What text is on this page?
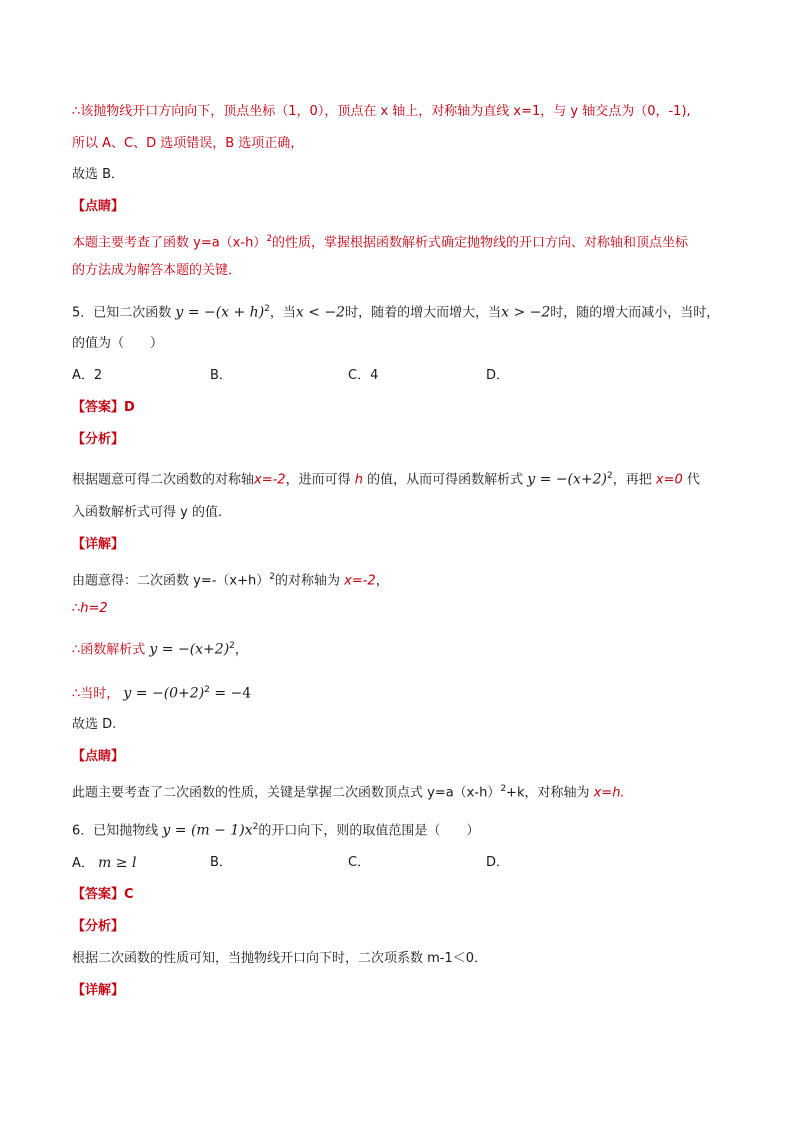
∴该抛物线开口方向向下，顶点坐标（1，0），顶点在 x 轴上，对称轴为直线 x=1，与 y 轴交点为（0，-1),
所以 A、C、D 选项错误，B 选项正确，
故选 B．
【点睛】
本题主要考查了函数 $y=a(x-h)^2$的性质，掌握根据函数解析式确定抛物线的开口方向、对称轴和顶点坐标
的方法成为解答本题的关键．
5．已知二次函数 $y = -(x + h)^2$，当x < −2时，随着的增大而增大，当x > −2时，随的增大而减小，当时，
的值为（　　）
A．2	B．	C．4	D．
【答案】D
【分析】
根据题意可得二次函数的对称轴x=-2，进而可得 h 的值，从而可得函数解析式 $y = -(x+2)^2$，再把 x=0 代
入函数解析式可得 y 的值．
【详解】
由题意得：二次函数 $y=-(x+h)^2$的对称轴为 x=-2，
∴h=2
∴函数解析式 $y = -(x+2)^2$，
∴当时， $y = -(0+2)^2 = -4$
故选 D.
【点睛】
此题主要考查了二次函数的性质，关键是掌握二次函数顶点式 $y=a(x-h)^2+k$，对称轴为 x=h.
6．已知抛物线 $y = (m - 1)x^2$的开口向下，则的取值范围是（　　）
A． m ≥ l	B．	C．	D．
【答案】C
【分析】
根据二次函数的性质可知，当抛物线开口向下时，二次项系数 m-1＜0．
【详解】
